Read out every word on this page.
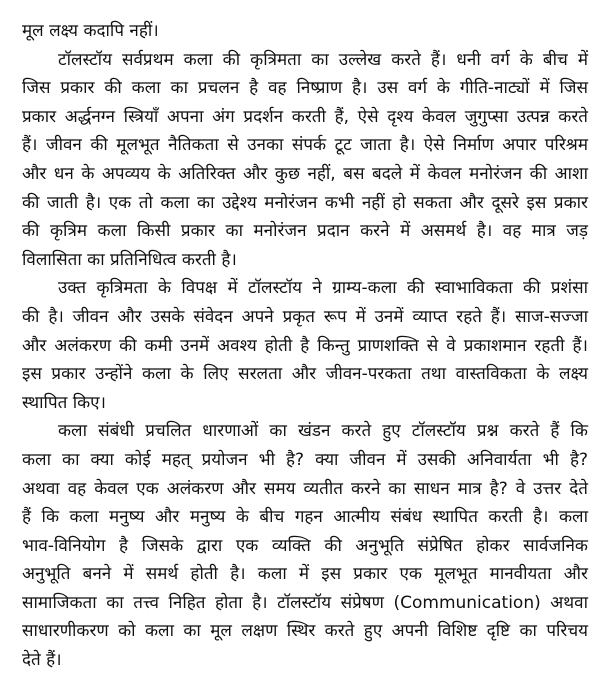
मूल लक्ष्य कदापि नहीं।
टॉलस्टॉय सर्वप्रथम कला की कृत्रिमता का उल्लेख करते हैं। धनी वर्ग के बीच में
जिस प्रकार की कला का प्रचलन है वह निष्प्राण है। उस वर्ग के गीति-नाट्यों में जिस
प्रकार अर्द्धनग्न स्त्रियाँ अपना अंग प्रदर्शन करती हैं, ऐसे दृश्य केवल जुगुप्सा उत्पन्न करते
हैं। जीवन की मूलभूत नैतिकता से उनका संपर्क टूट जाता है। ऐसे निर्माण अपार परिश्रम
और धन के अपव्यय के अतिरिक्त और कुछ नहीं, बस बदले में केवल मनोरंजन की आशा
की जाती है। एक तो कला का उद्देश्य मनोरंजन कभी नहीं हो सकता और दूसरे इस प्रकार
की कृत्रिम कला किसी प्रकार का मनोरंजन प्रदान करने में असमर्थ है। वह मात्र जड़
विलासिता का प्रतिनिधित्व करती है।
उक्त कृत्रिमता के विपक्ष में टॉलस्टॉय ने ग्राम्य-कला की स्वाभाविकता की प्रशंसा
की है। जीवन और उसके संवेदन अपने प्रकृत रूप में उनमें व्याप्त रहते हैं। साज-सज्जा
और अलंकरण की कमी उनमें अवश्य होती है किन्तु प्राणशक्ति से वे प्रकाशमान रहती हैं।
इस प्रकार उन्होंने कला के लिए सरलता और जीवन-परकता तथा वास्तविकता के लक्ष्य
स्थापित किए।
कला संबंधी प्रचलित धारणाओं का खंडन करते हुए टॉलस्टॉय प्रश्न करते हैं कि
कला का क्या कोई महत् प्रयोजन भी है? क्या जीवन में उसकी अनिवार्यता भी है?
अथवा वह केवल एक अलंकरण और समय व्यतीत करने का साधन मात्र है? वे उत्तर देते
हैं कि कला मनुष्य और मनुष्य के बीच गहन आत्मीय संबंध स्थापित करती है। कला
भाव-विनियोग है जिसके द्वारा एक व्यक्ति की अनुभूति संप्रेषित होकर सार्वजनिक
अनुभूति बनने में समर्थ होती है। कला में इस प्रकार एक मूलभूत मानवीयता और
सामाजिकता का तत्त्व निहित होता है। टॉलस्टॉय संप्रेषण (Communication) अथवा
साधारणीकरण को कला का मूल लक्षण स्थिर करते हुए अपनी विशिष्ट दृष्टि का परिचय
देते हैं।
